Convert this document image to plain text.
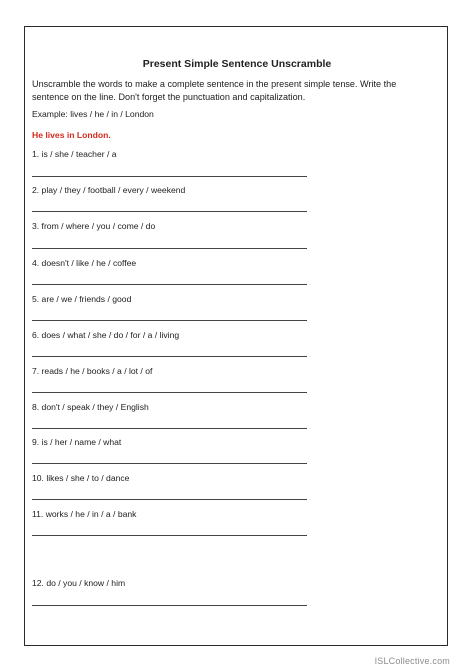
Present Simple Sentence Unscramble
Unscramble the words to make a complete sentence in the present simple tense. Write the sentence on the line. Don't forget the punctuation and capitalization.
Example: lives / he / in / London
He lives in London.
1. is / she / teacher / a
2. play / they / football / every / weekend
3. from / where / you / come / do
4. doesn't / like / he / coffee
5. are / we / friends / good
6. does / what / she / do / for / a / living
7. reads / he / books / a / lot / of
8. don't / speak / they / English
9. is / her / name / what
10. likes / she / to / dance
11. works / he / in / a / bank
12. do / you / know / him
ISLCollective.com
